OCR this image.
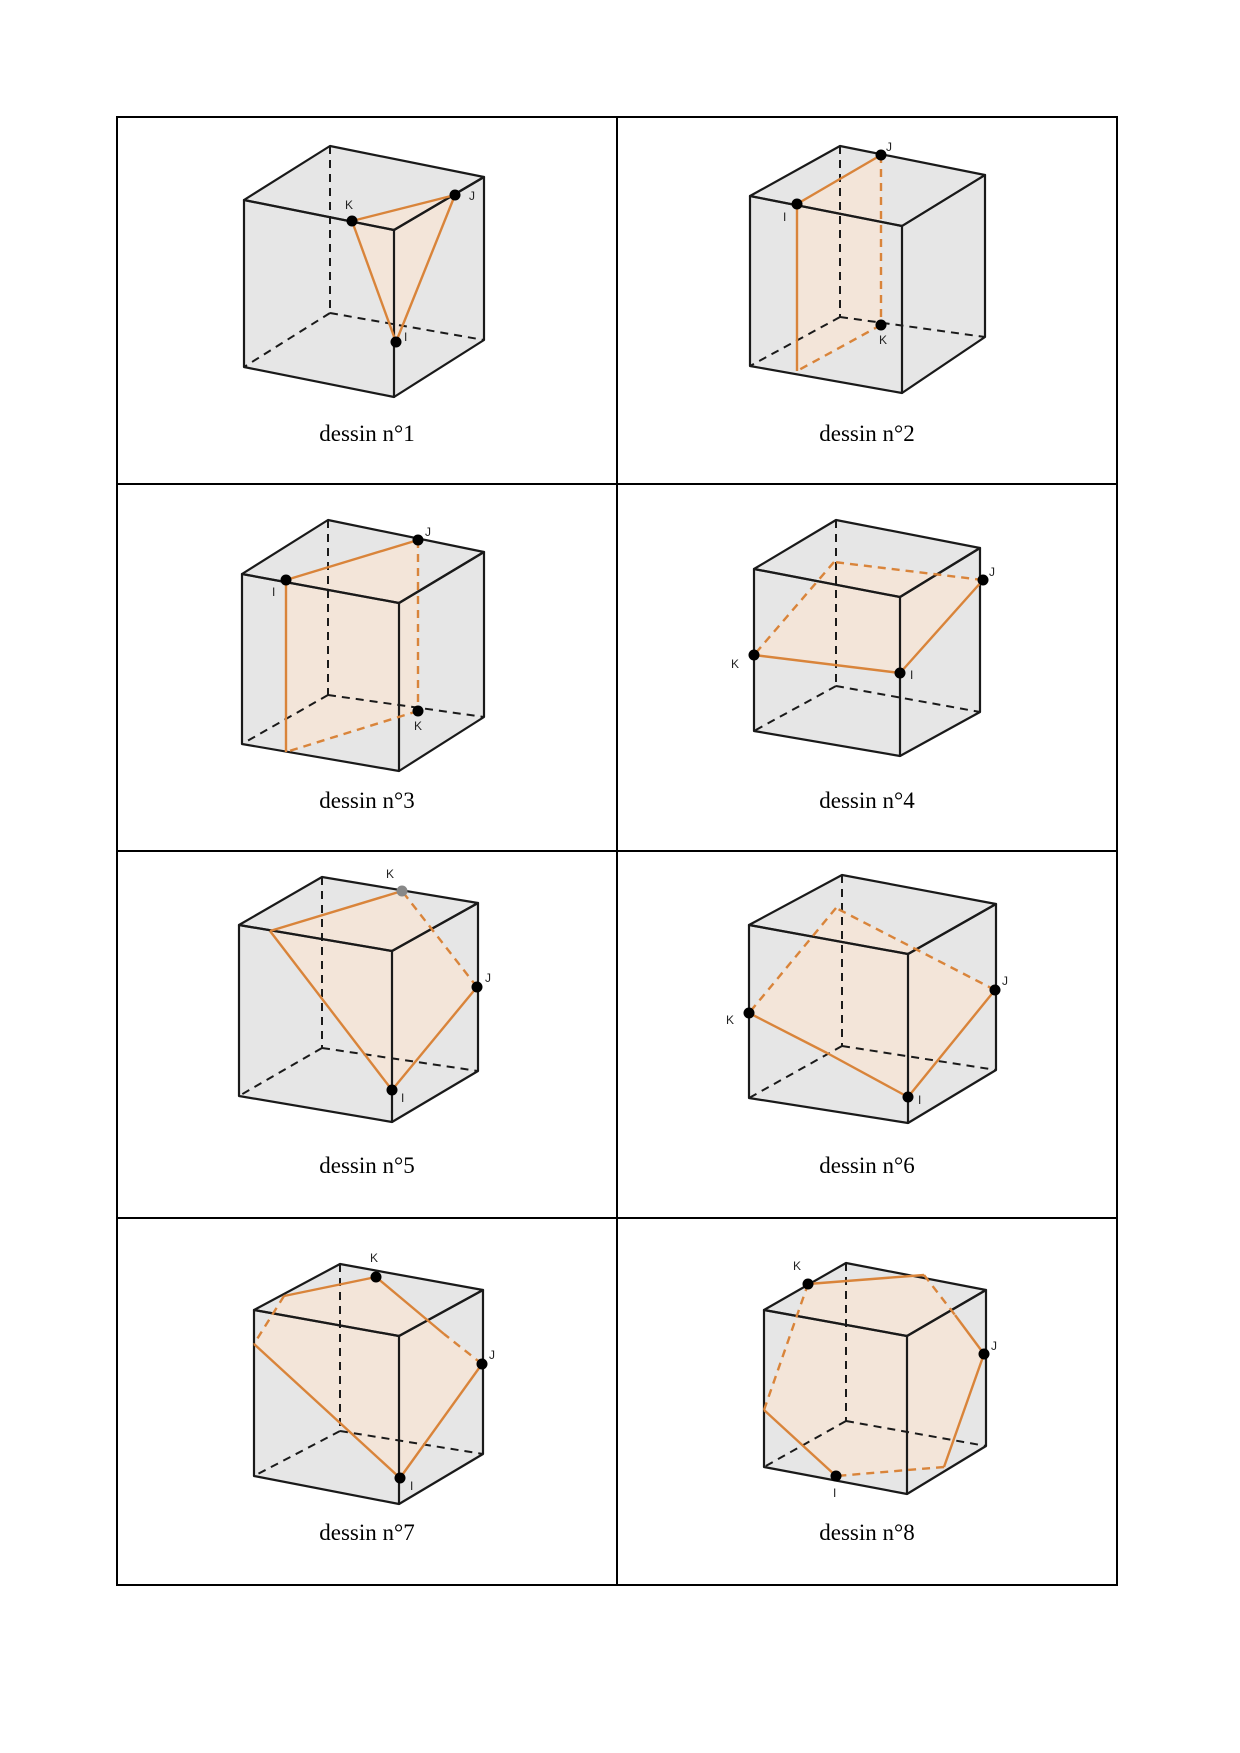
K
J
I
dessin n°1
I
J
K
dessin n°2
I
J
K
dessin n°3
K
I
J
dessin n°4
K
J
I
dessin n°5
K
I
J
dessin n°6
K
J
I
dessin n°7
K
J
I
dessin n°8
